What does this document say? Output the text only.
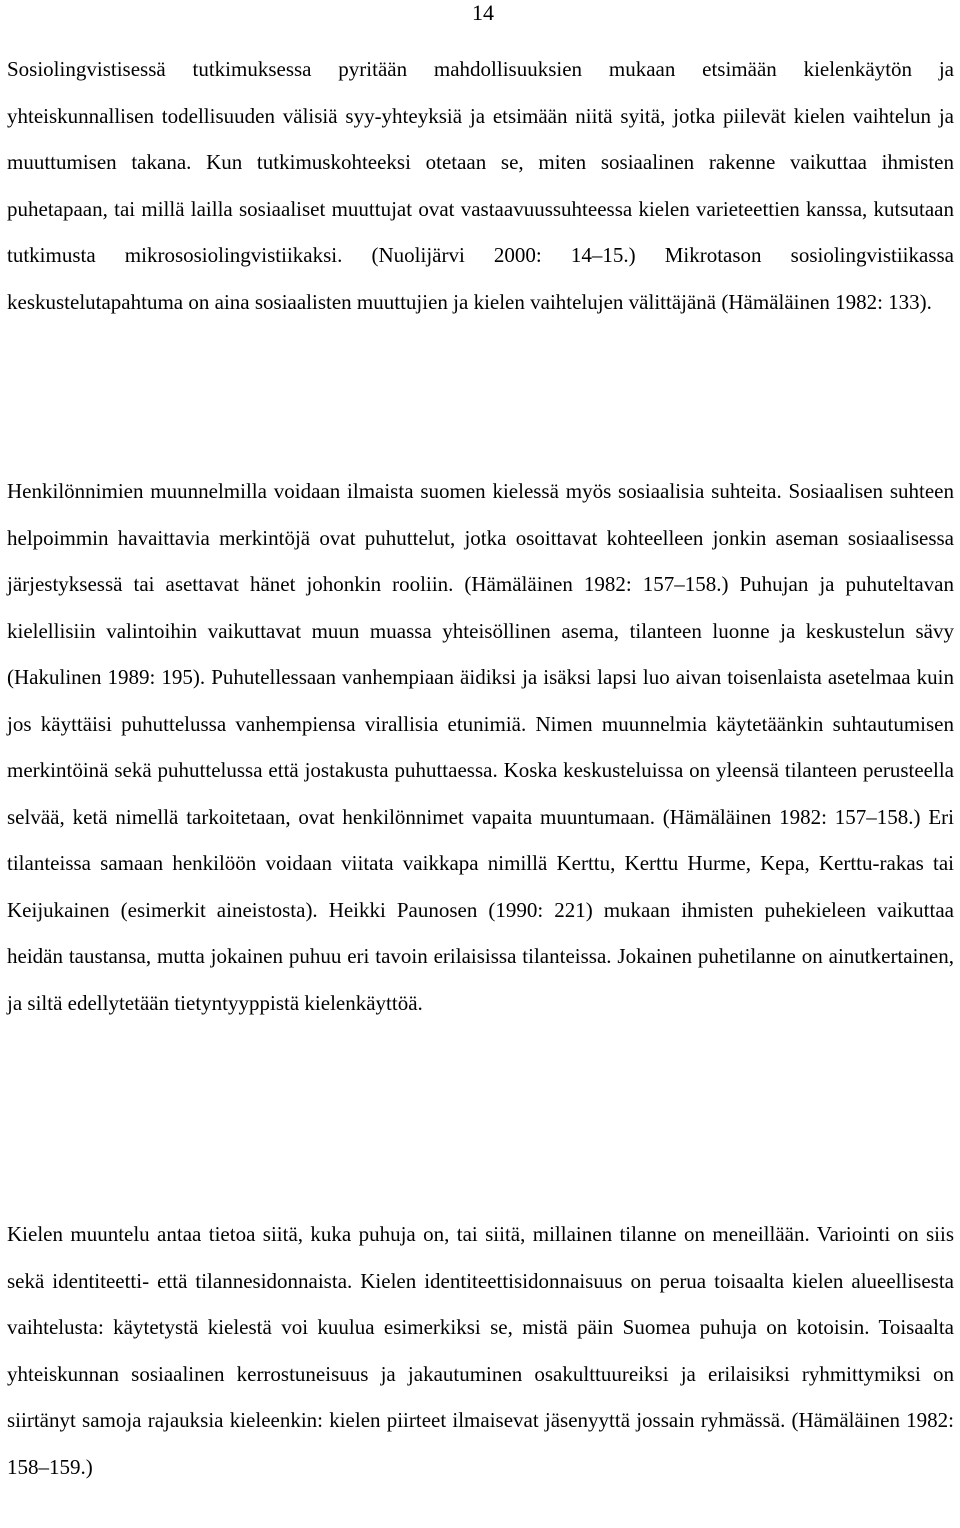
14

Sosiolingvistisessä tutkimuksessa pyritään mahdollisuuksien mukaan etsimään kielenkäytön ja yhteiskunnallisen todellisuuden välisiä syy-yhteyksiä ja etsimään niitä syitä, jotka piilevät kielen vaihtelun ja muuttumisen takana. Kun tutkimuskohteeksi otetaan se, miten sosiaalinen rakenne vaikuttaa ihmisten puhetapaan, tai millä lailla sosiaaliset muuttujat ovat vastaavuussuhteessa kielen varieteettien kanssa, kutsutaan tutkimusta mikrososiolingvistiikaksi. (Nuolijärvi 2000: 14–15.) Mikrotason sosiolingvistiikassa keskustelutapahtuma on aina sosiaalisten muuttujien ja kielen vaihtelujen välittäjänä (Hämäläinen 1982: 133).

Henkilönnimien muunnelmilla voidaan ilmaista suomen kielessä myös sosiaalisia suhteita. Sosiaalisen suhteen helpoimmin havaittavia merkintöjä ovat puhuttelut, jotka osoittavat kohteelleen jonkin aseman sosiaalisessa järjestyksessä tai asettavat hänet johonkin rooliin. (Hämäläinen 1982: 157–158.) Puhujan ja puhuteltavan kielellisiin valintoihin vaikuttavat muun muassa yhteisöllinen asema, tilanteen luonne ja keskustelun sävy (Hakulinen 1989: 195). Puhutellessaan vanhempiaan äidiksi ja isäksi lapsi luo aivan toisenlaista asetelmaa kuin jos käyttäisi puhuttelussa vanhempiensa virallisia etunimiä. Nimen muunnelmia käytetäänkin suhtautumisen merkintöinä sekä puhuttelussa että jostakusta puhuttaessa. Koska keskusteluissa on yleensä tilanteen perusteella selvää, ketä nimellä tarkoitetaan, ovat henkilönnimet vapaita muuntumaan. (Hämäläinen 1982: 157–158.) Eri tilanteissa samaan henkilöön voidaan viitata vaikkapa nimillä Kerttu, Kerttu Hurme, Kepa, Kerttu-rakas tai Keijukainen (esimerkit aineistosta). Heikki Paunosen (1990: 221) mukaan ihmisten puhekieleen vaikuttaa heidän taustansa, mutta jokainen puhuu eri tavoin erilaisissa tilanteissa. Jokainen puhetilanne on ainutkertainen, ja siltä edellytetään tietyntyyppistä kielenkäyttöä.

Kielen muuntelu antaa tietoa siitä, kuka puhuja on, tai siitä, millainen tilanne on meneillään. Variointi on siis sekä identiteetti- että tilannesidonnaista. Kielen identiteettisidonnaisuus on perua toisaalta kielen alueellisesta vaihtelusta: käytetystä kielestä voi kuulua esimerkiksi se, mistä päin Suomea puhuja on kotoisin. Toisaalta yhteiskunnan sosiaalinen kerrostuneisuus ja jakautuminen osakulttuureiksi ja erilaisiksi ryhmittymiksi on siirtänyt samoja rajauksia kieleenkin: kielen piirteet ilmaisevat jäsenyyttä jossain ryhmässä. (Hämäläinen 1982: 158–159.)
